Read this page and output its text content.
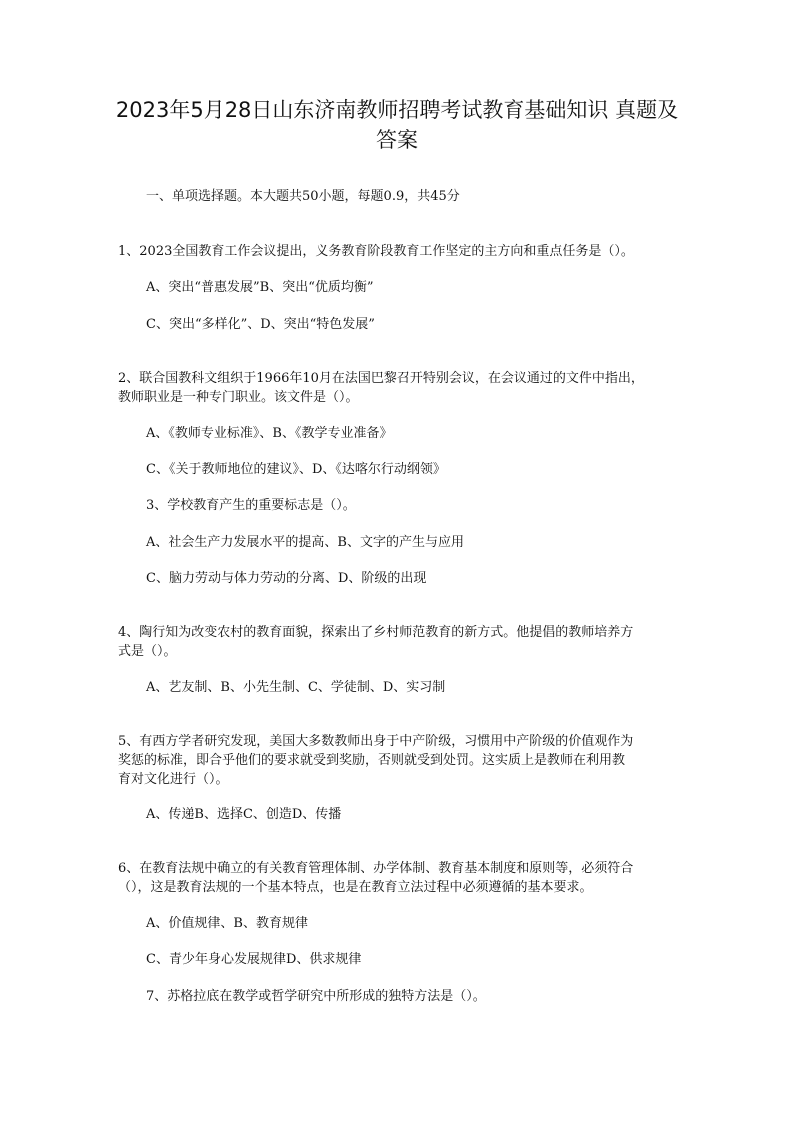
2023年5月28日山东济南教师招聘考试教育基础知识 真题及
答案
一、单项选择题。本大题共50小题，每题0.9，共45分
1、2023全国教育工作会议提出，义务教育阶段教育工作坚定的主方向和重点任务是（）。
A、突出“普惠发展”B、突出“优质均衡”
C、突出“多样化”、D、突出“特色发展”
2、联合国教科文组织于1966年10月在法国巴黎召开特别会议，在会议通过的文件中指出，
教师职业是一种专门职业。该文件是（）。
A、《教师专业标准》、B、《教学专业准备》
C、《关于教师地位的建议》、D、《达喀尔行动纲领》
3、学校教育产生的重要标志是（）。
A、社会生产力发展水平的提高、B、文字的产生与应用
C、脑力劳动与体力劳动的分离、D、阶级的出现
4、陶行知为改变农村的教育面貌，探索出了乡村师范教育的新方式。他提倡的教师培养方
式是（）。
A、艺友制、B、小先生制、C、学徒制、D、实习制
5、有西方学者研究发现，美国大多数教师出身于中产阶级，习惯用中产阶级的价值观作为
奖惩的标准，即合乎他们的要求就受到奖励，否则就受到处罚。这实质上是教师在利用教
育对文化进行（）。
A、传递B、选择C、创造D、传播
6、在教育法规中确立的有关教育管理体制、办学体制、教育基本制度和原则等，必须符合
（），这是教育法规的一个基本特点，也是在教育立法过程中必须遵循的基本要求。
A、价值规律、B、教育规律
C、青少年身心发展规律D、供求规律
7、苏格拉底在教学或哲学研究中所形成的独特方法是（）。
